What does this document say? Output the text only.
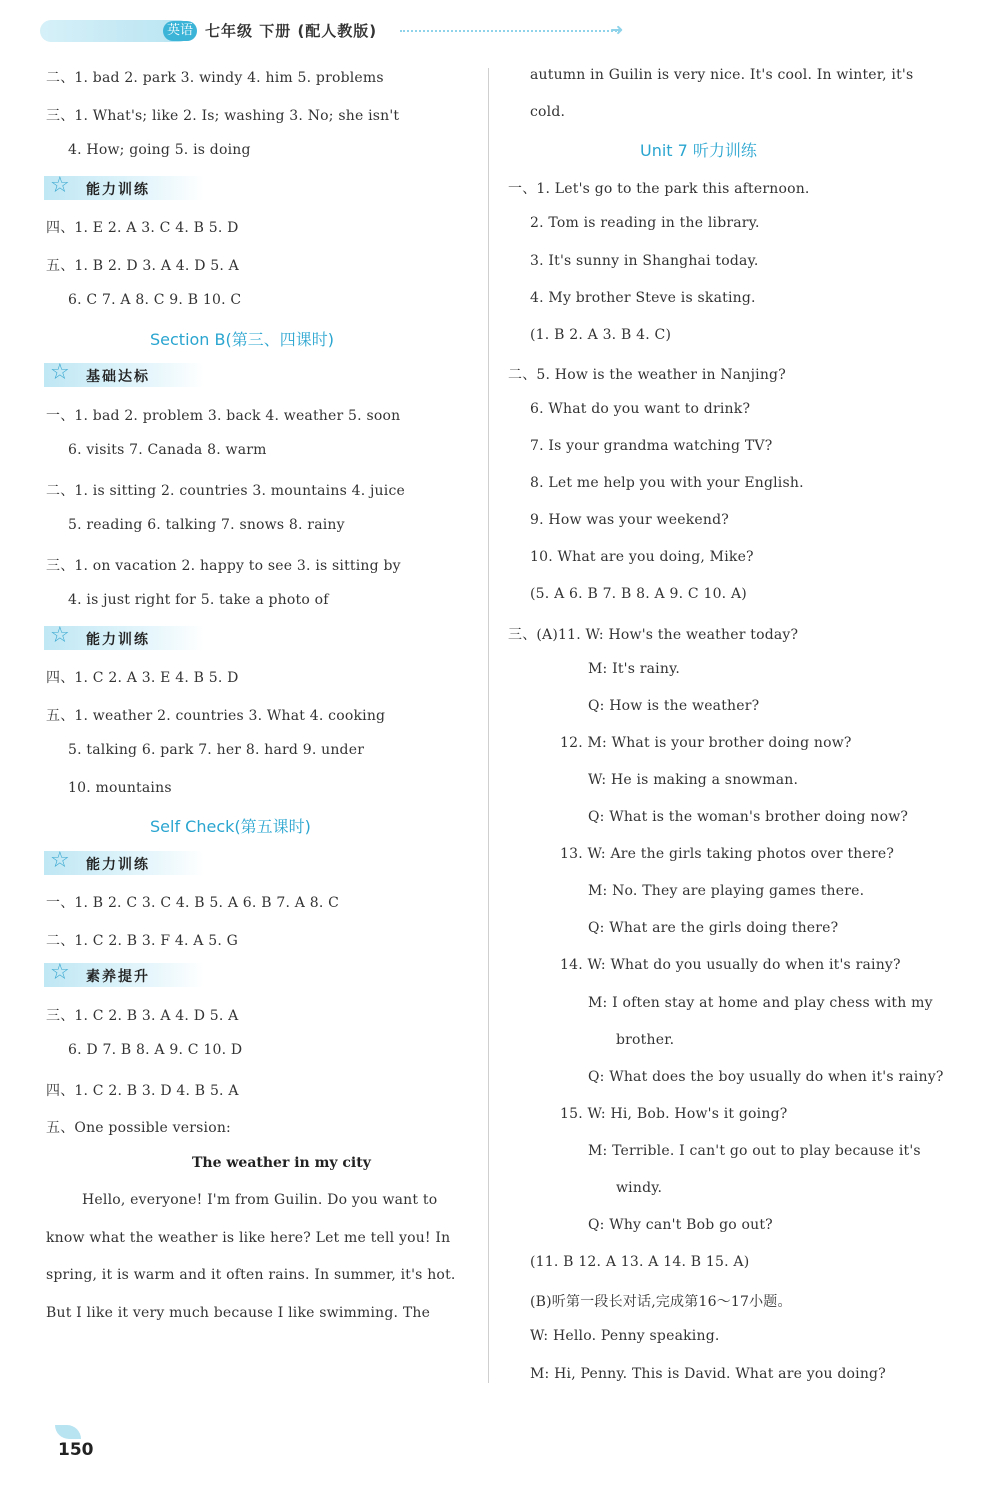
英语 七年级 下册 (配人教版)	➜
二、1. bad 2. park 3. windy 4. him 5. problems
三、1. What's; like 2. Is; washing 3. No; she isn't
4. How; going 5. is doing
☆ 能力训练
四、1. E 2. A 3. C 4. B 5. D
五、1. B 2. D 3. A 4. D 5. A
6. C 7. A 8. C 9. B 10. C
Section B(第三、四课时)
☆ 基础达标
一、1. bad 2. problem 3. back 4. weather 5. soon
6. visits 7. Canada 8. warm
二、1. is sitting 2. countries 3. mountains 4. juice
5. reading 6. talking 7. snows 8. rainy
三、1. on vacation 2. happy to see 3. is sitting by
4. is just right for 5. take a photo of
☆ 能力训练
四、1. C 2. A 3. E 4. B 5. D
五、1. weather 2. countries 3. What 4. cooking
5. talking 6. park 7. her 8. hard 9. under
10. mountains
Self Check(第五课时)
☆ 能力训练
一、1. B 2. C 3. C 4. B 5. A 6. B 7. A 8. C
二、1. C 2. B 3. F 4. A 5. G
☆ 素养提升
三、1. C 2. B 3. A 4. D 5. A
6. D 7. B 8. A 9. C 10. D
四、1. C 2. B 3. D 4. B 5. A
五、One possible version:
The weather in my city
Hello, everyone! I'm from Guilin. Do you want to
know what the weather is like here? Let me tell you! In
spring, it is warm and it often rains. In summer, it's hot.
But I like it very much because I like swimming. The
autumn in Guilin is very nice. It's cool. In winter, it's
cold.
Unit 7 听力训练
一、1. Let's go to the park this afternoon.
2. Tom is reading in the library.
3. It's sunny in Shanghai today.
4. My brother Steve is skating.
(1. B 2. A 3. B 4. C)
二、5. How is the weather in Nanjing?
6. What do you want to drink?
7. Is your grandma watching TV?
8. Let me help you with your English.
9. How was your weekend?
10. What are you doing, Mike?
(5. A 6. B 7. B 8. A 9. C 10. A)
三、(A)11. W: How's the weather today?
M: It's rainy.
Q: How is the weather?
12. M: What is your brother doing now?
W: He is making a snowman.
Q: What is the woman's brother doing now?
13. W: Are the girls taking photos over there?
M: No. They are playing games there.
Q: What are the girls doing there?
14. W: What do you usually do when it's rainy?
M: I often stay at home and play chess with my
brother.
Q: What does the boy usually do when it's rainy?
15. W: Hi, Bob. How's it going?
M: Terrible. I can't go out to play because it's
windy.
Q: Why can't Bob go out?
(11. B 12. A 13. A 14. B 15. A)
(B)听第一段长对话,完成第16～17小题。
W: Hello. Penny speaking.
M: Hi, Penny. This is David. What are you doing?
150
